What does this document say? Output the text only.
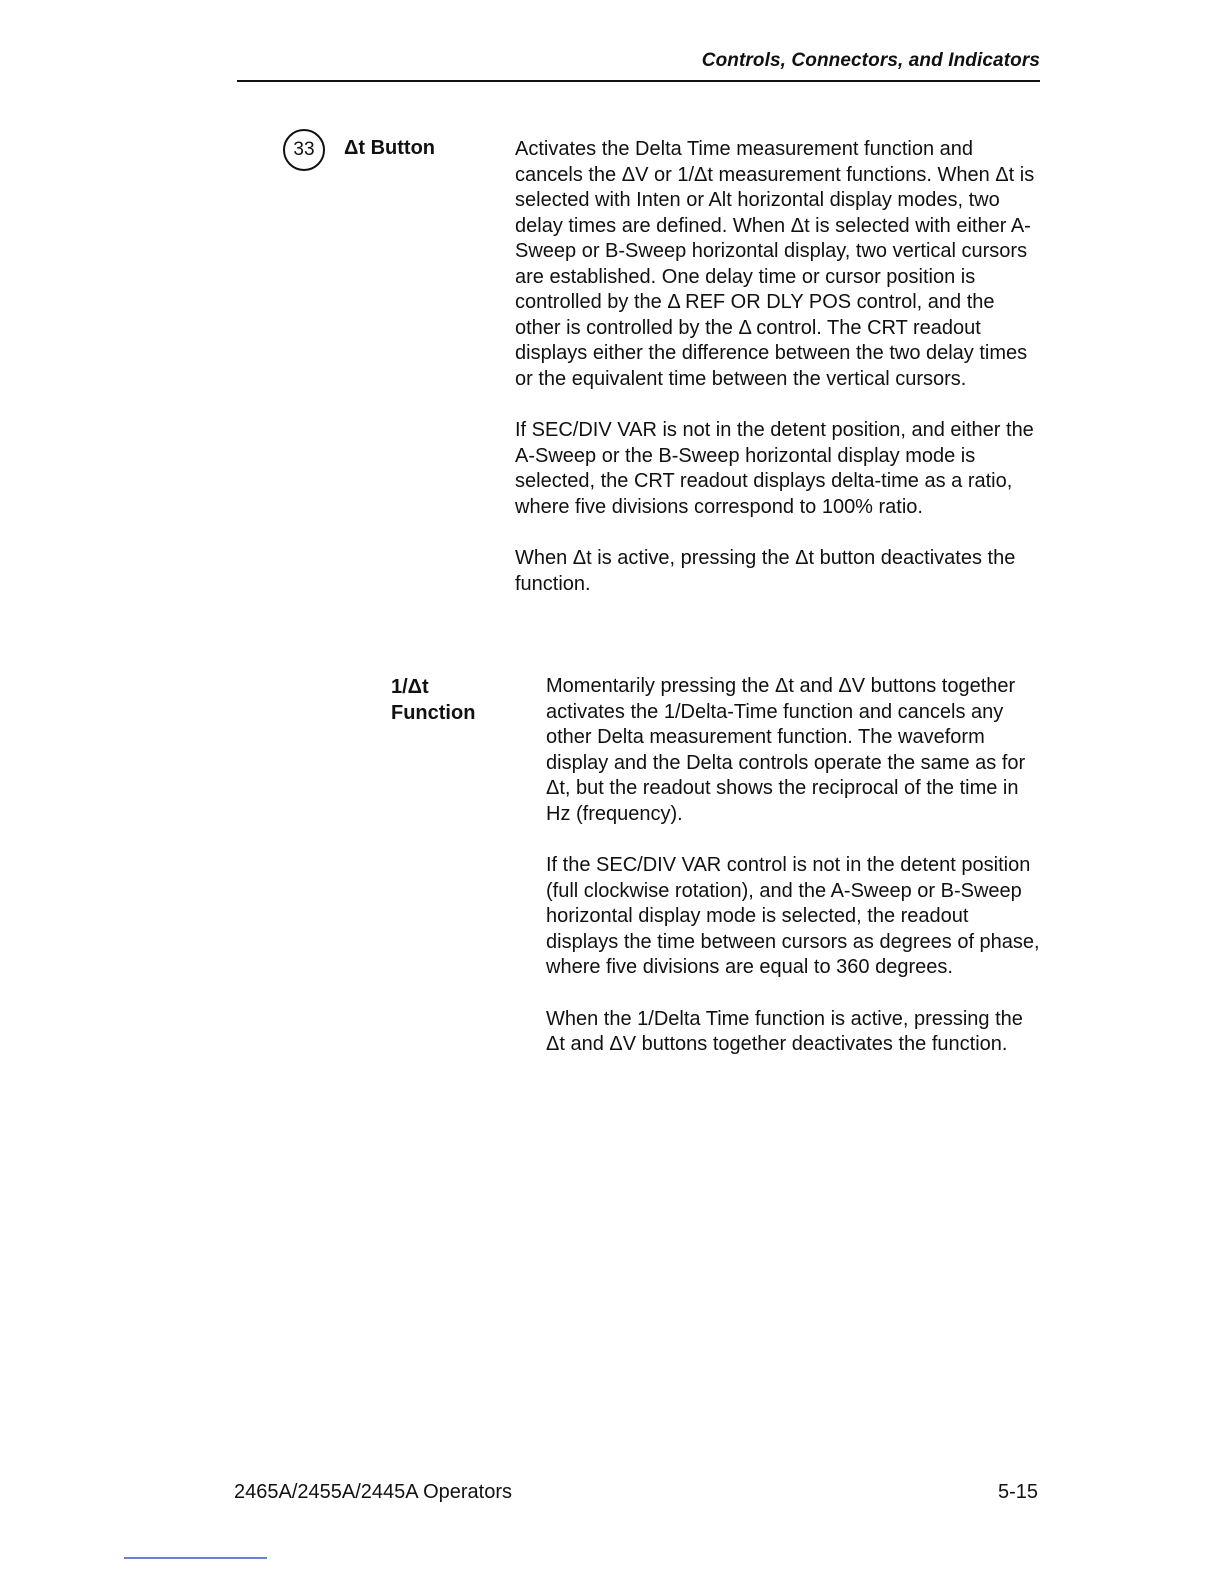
Controls, Connectors, and Indicators
33	Δt Button	Activates the Delta Time measurement function and cancels the ΔV or 1/Δt measurement functions. When Δt is selected with Inten or Alt horizontal display modes, two delay times are defined. When Δt is selected with either A-Sweep or B-Sweep horizontal display, two vertical cursors are established. One delay time or cursor position is controlled by the Δ REF OR DLY POS control, and the other is controlled by the Δ control. The CRT readout displays either the difference between the two delay times or the equivalent time between the vertical cursors.

If SEC/DIV VAR is not in the detent position, and either the A-Sweep or the B-Sweep horizontal display mode is selected, the CRT readout displays delta-time as a ratio, where five divisions correspond to 100% ratio.

When Δt is active, pressing the Δt button deactivates the function.

1/Δt
Function

Momentarily pressing the Δt and ΔV buttons together activates the 1/Delta-Time function and cancels any other Delta measurement function. The waveform display and the Delta controls operate the same as for Δt, but the readout shows the reciprocal of the time in Hz (frequency).

If the SEC/DIV VAR control is not in the detent position (full clockwise rotation), and the A-Sweep or B-Sweep horizontal display mode is selected, the readout displays the time between cursors as degrees of phase, where five divisions are equal to 360 degrees.

When the 1/Delta Time function is active, pressing the Δt and ΔV buttons together deactivates the function.

2465A/2455A/2445A Operators	5-15
